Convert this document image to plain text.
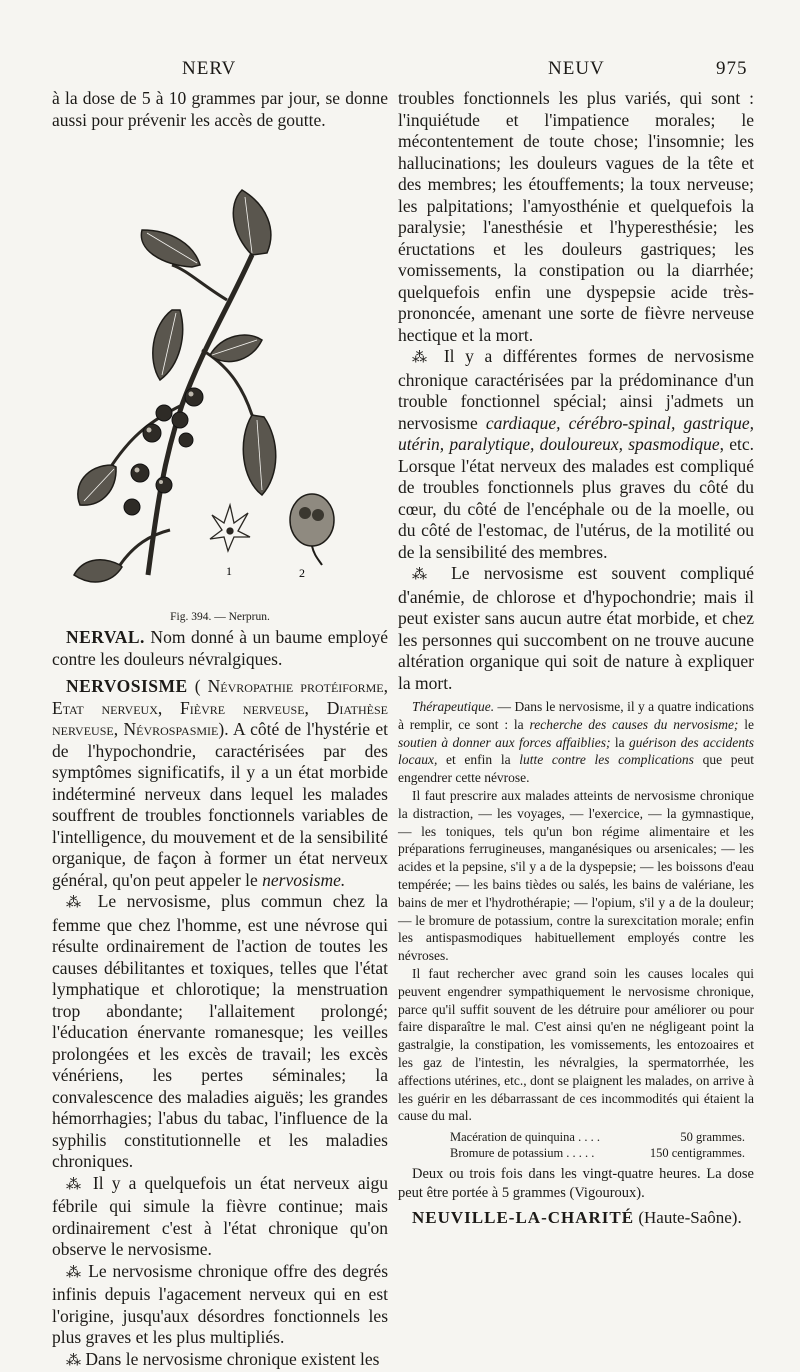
NERV	NEUV	975

à la dose de 5 à 10 grammes par jour, se donne aussi pour prévenir les accès de goutte.

1	2
Fig. 394. — Nerprun.

NERVAL. Nom donné à un baume employé contre les douleurs névralgiques.

NERVOSISME ( Névropathie protéiforme, Etat nerveux, Fièvre nerveuse, Diathèse nerveuse, Névrospasmie). A côté de l'hystérie et de l'hypochondrie, caractérisées par des symptômes significatifs, il y a un état morbide indéterminé nerveux dans lequel les malades souffrent de troubles fonctionnels variables de l'intelligence, du mouvement et de la sensibilité organique, de façon à former un état nerveux général, qu'on peut appeler le nervosisme.

⁂ Le nervosisme, plus commun chez la femme que chez l'homme, est une névrose qui résulte ordinairement de l'action de toutes les causes débilitantes et toxiques, telles que l'état lymphatique et chlorotique; la menstruation trop abondante; l'allaitement prolongé; l'éducation énervante romanesque; les veilles prolongées et les excès de travail; les excès vénériens, les pertes séminales; la convalescence des maladies aiguës; les grandes hémorrhagies; l'abus du tabac, l'influence de la syphilis constitutionnelle et les maladies chroniques.

⁂ Il y a quelquefois un état nerveux aigu fébrile qui simule la fièvre continue; mais ordinairement c'est à l'état chronique qu'on observe le nervosisme.

⁂ Le nervosisme chronique offre des degrés infinis depuis l'agacement nerveux qui en est l'origine, jusqu'aux désordres fonctionnels les plus graves et les plus multipliés.

⁂ Dans le nervosisme chronique existent les

troubles fonctionnels les plus variés, qui sont : l'inquiétude et l'impatience morales; le mécontentement de toute chose; l'insomnie; les hallucinations; les douleurs vagues de la tête et des membres; les étouffements; la toux nerveuse; les palpitations; l'amyosthénie et quelquefois la paralysie; l'anesthésie et l'hyperesthésie; les éructations et les douleurs gastriques; les vomissements, la constipation ou la diarrhée; quelquefois enfin une dyspepsie acide très-prononcée, amenant une sorte de fièvre nerveuse hectique et la mort.

⁂ Il y a différentes formes de nervosisme chronique caractérisées par la prédominance d'un trouble fonctionnel spécial; ainsi j'admets un nervosisme cardiaque, cérébro-spinal, gastrique, utérin, paralytique, douloureux, spasmodique, etc. Lorsque l'état nerveux des malades est compliqué de troubles fonctionnels plus graves du côté du cœur, du côté de l'encéphale ou de la moelle, ou du côté de l'estomac, de l'utérus, de la motilité ou de la sensibilité des membres.

⁂ Le nervosisme est souvent compliqué d'anémie, de chlorose et d'hypochondrie; mais il peut exister sans aucun autre état morbide, et chez les personnes qui succombent on ne trouve aucune altération organique qui soit de nature à expliquer la mort.

Thérapeutique. — Dans le nervosisme, il y a quatre indications à remplir, ce sont : la recherche des causes du nervosisme; le soutien à donner aux forces affaiblies; la guérison des accidents locaux, et enfin la lutte contre les complications que peut engendrer cette névrose.

Il faut prescrire aux malades atteints de nervosisme chronique la distraction, — les voyages, — l'exercice, — la gymnastique, — les toniques, tels qu'un bon régime alimentaire et les préparations ferrugineuses, manganésiques ou arsenicales; — les acides et la pepsine, s'il y a de la dyspepsie; — les boissons d'eau tempérée; — les bains tièdes ou salés, les bains de valériane, les bains de mer et l'hydrothérapie; — l'opium, s'il y a de la douleur; — le bromure de potassium, contre la surexcitation morale; enfin les antispasmodiques habituellement employés contre les névroses.

Il faut rechercher avec grand soin les causes locales qui peuvent engendrer sympathiquement le nervosisme chronique, parce qu'il suffit souvent de les détruire pour améliorer ou pour faire disparaître le mal. C'est ainsi qu'en ne négligeant point la gastralgie, la constipation, les vomissements, les entozoaires et les gaz de l'intestin, les névralgies, la spermatorrhée, les affections utérines, etc., dont se plaignent les malades, on arrive à les guérir en les débarrassant de ces incommodités qui étaient la cause du mal.

Macération de quinquina . . . .	50 grammes.
Bromure de potassium . . . . .	150 centigrammes.

Deux ou trois fois dans les vingt-quatre heures. La dose peut être portée à 5 grammes (Vigouroux).

NEUVILLE-LA-CHARITÉ (Haute-Saône).
